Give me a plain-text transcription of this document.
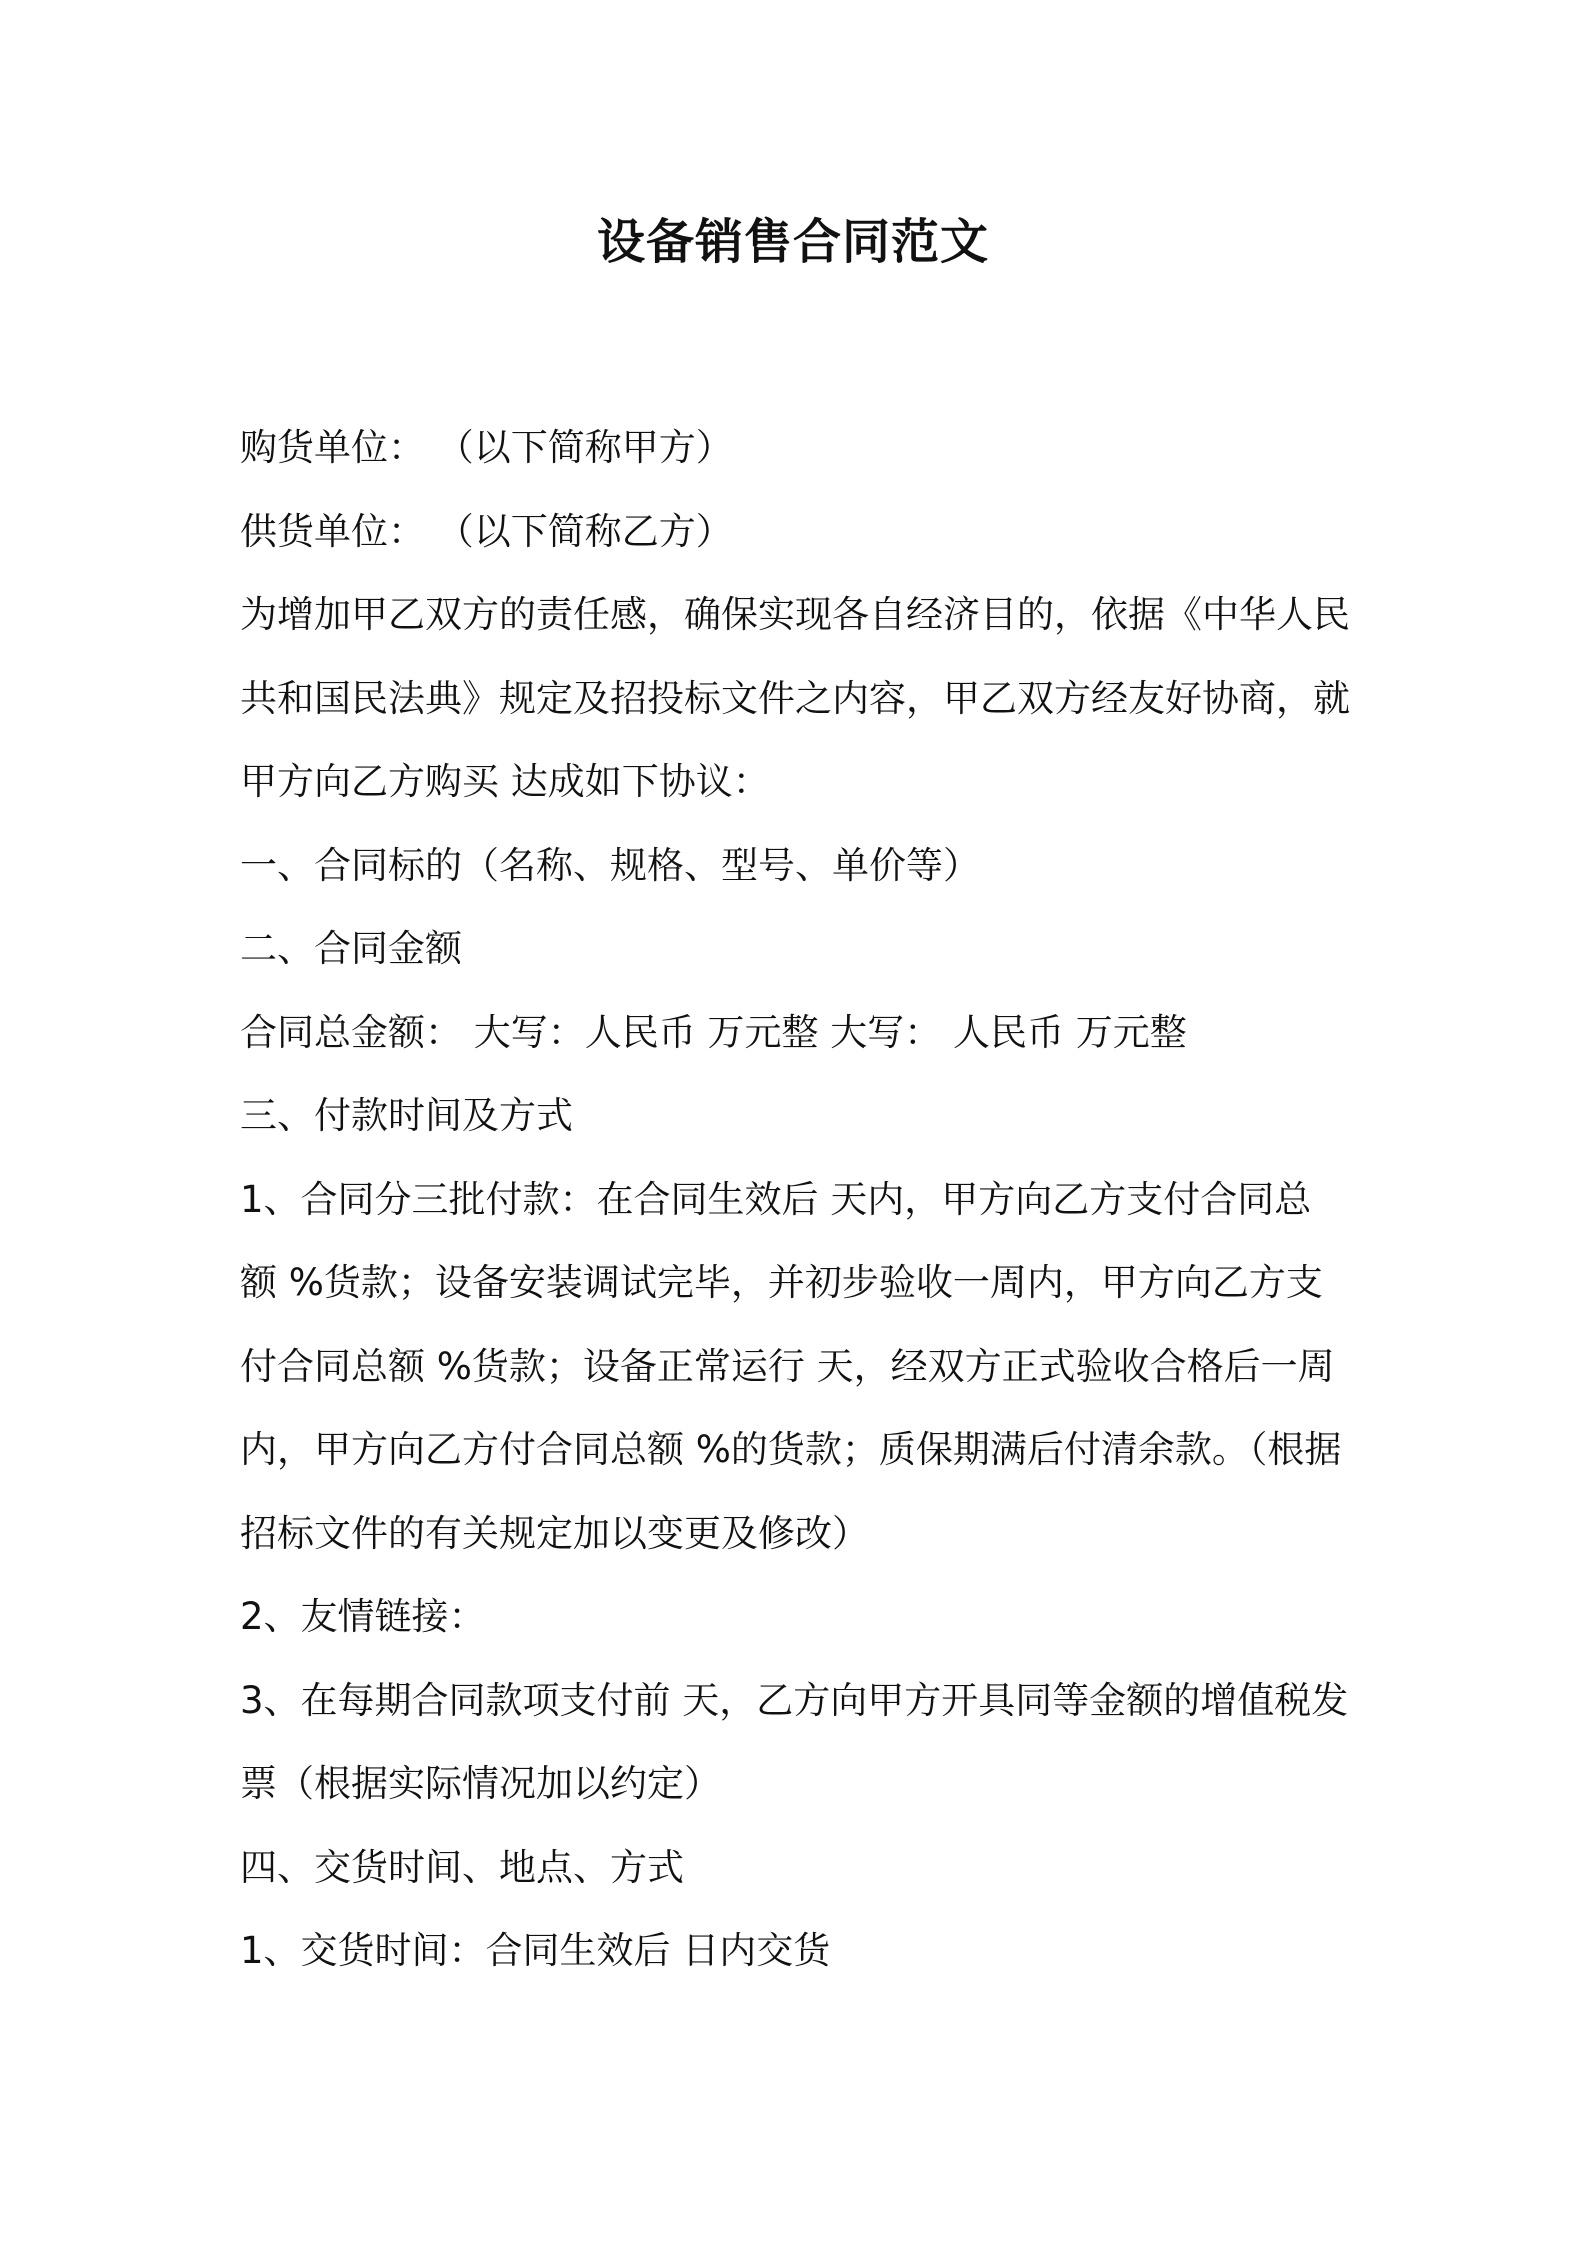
设备销售合同范文
购货单位： （以下简称甲方）
供货单位： （以下简称乙方）
为增加甲乙双方的责任感，确保实现各自经济目的，依据《中华人民
共和国民法典》规定及招投标文件之内容，甲乙双方经友好协商，就
甲方向乙方购买 达成如下协议：
一、合同标的（名称、规格、型号、单价等）
二、合同金额
合同总金额： 大写：人民币 万元整 大写： 人民币 万元整
三、付款时间及方式
1、合同分三批付款：在合同生效后 天内，甲方向乙方支付合同总
额 %货款；设备安装调试完毕，并初步验收一周内，甲方向乙方支
付合同总额 %货款；设备正常运行 天，经双方正式验收合格后一周
内，甲方向乙方付合同总额 %的货款；质保期满后付清余款。（根据
招标文件的有关规定加以变更及修改）
2、友情链接：
3、在每期合同款项支付前 天，乙方向甲方开具同等金额的增值税发
票（根据实际情况加以约定）
四、交货时间、地点、方式
1、交货时间：合同生效后 日内交货
